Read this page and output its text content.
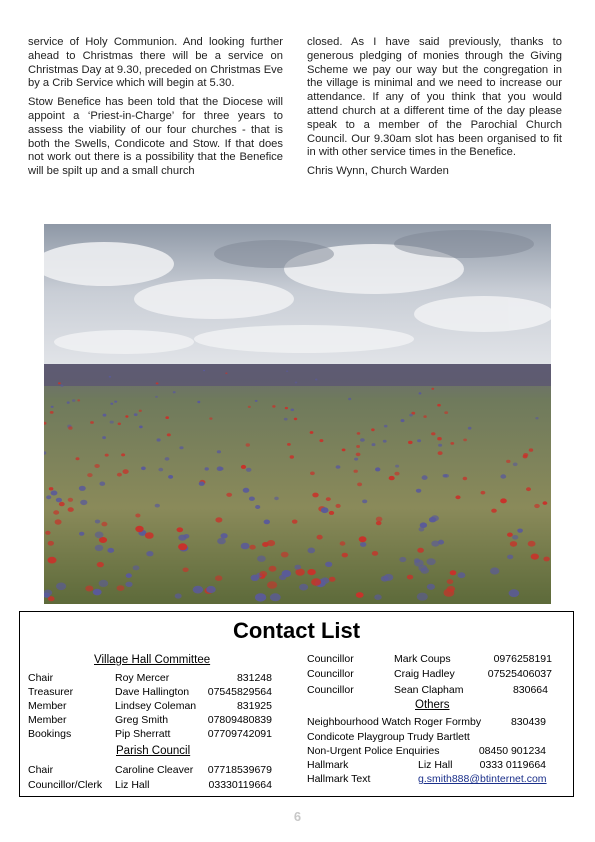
service of Holy Communion. And looking further ahead to Christmas there will be a service on Christmas Day at 9.30, preceded on Christmas Eve by a Crib Service which will begin at 5.30.

Stow Benefice has been told that the Diocese will appoint a ‘Priest-in-Charge’ for three years to assess the viability of our four churches - that is both the Swells, Condicote and Stow. If that does not work out there is a possibility that the Benefice will be spilt up and a small church

closed. As I have said previously, thanks to generous pledging of monies through the Giving Scheme we pay our way but the congregation in the village is minimal and we need to increase our attendance. If any of you think that you would attend church at a different time of the day please speak to a member of the Parochial Church Council. Our 9.30am slot has been organised to fit in with other service times in the Benefice.

Chris Wynn, Church Warden

Contact List
Village Hall Committee
Chair	Roy Mercer	831248
Treasurer	Dave Hallington	07545829564
Member	Lindsey Coleman	831925
Member	Greg Smith	07809480839
Bookings	Pip Sherratt	07709742091
Parish Council
Chair	Caroline Cleaver	07718539679
Councillor/Clerk Liz Hall	03330119664
Councillor	Mark Coups	0976258191
Councillor	Craig Hadley	07525406037
Councillor	Sean Clapham	830664
Others
Neighbourhood Watch Roger Formby	830439
Condicote Playgroup Trudy Bartlett
Non-Urgent Police Enquiries	08450 901234
Hallmark	Liz Hall	0333 0119664
Hallmark Text	g.smith888@btinternet.com
6
